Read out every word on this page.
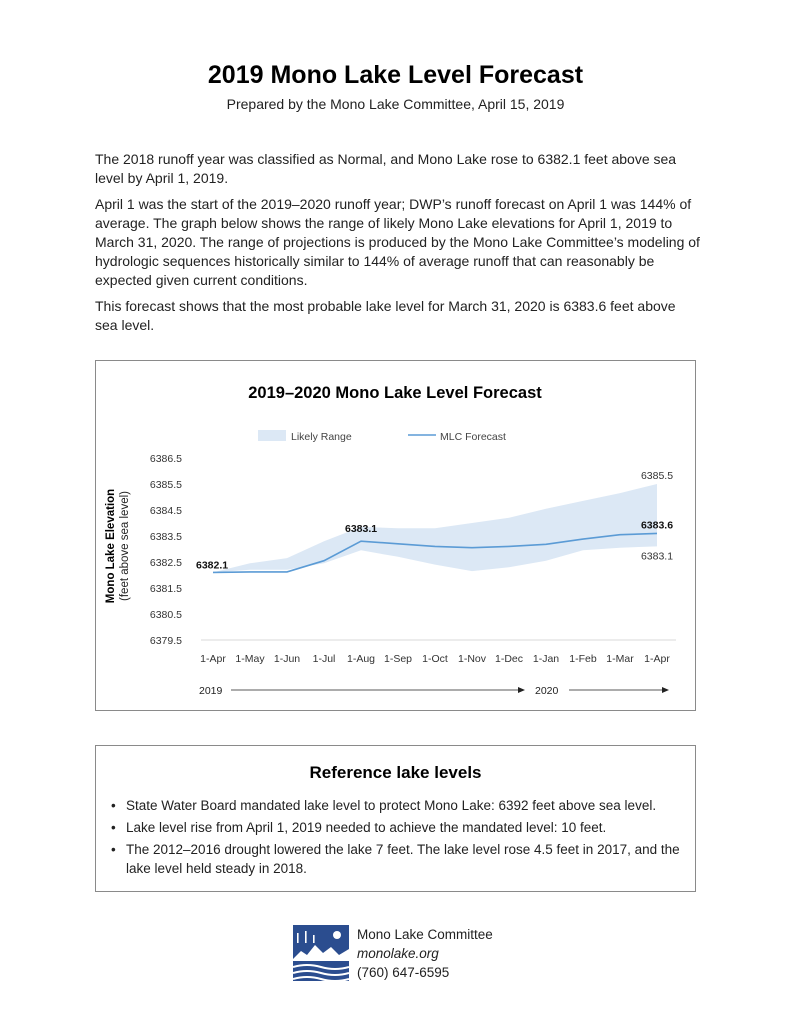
2019 Mono Lake Level Forecast
Prepared by the Mono Lake Committee, April 15, 2019
The 2018 runoff year was classified as Normal, and Mono Lake rose to 6382.1 feet above sea level by April 1, 2019.
April 1 was the start of the 2019–2020 runoff year; DWP’s runoff forecast on April 1 was 144% of average. The graph below shows the range of likely Mono Lake elevations for April 1, 2019 to March 31, 2020. The range of projections is produced by the Mono Lake Committee’s modeling of hydrologic sequences historically similar to 144% of average runoff that can reasonably be expected given current conditions.
This forecast shows that the most probable lake level for March 31, 2020 is 6383.6 feet above sea level.
2019–2020 Mono Lake Level Forecast
Likely Range	MLC Forecast
Mono Lake Elevation (feet above sea level)
6386.5
6385.5
6384.5
6383.5
6382.5
6381.5
6380.5
6379.5
1-Apr 1-May 1-Jun 1-Jul 1-Aug 1-Sep 1-Oct 1-Nov 1-Dec 1-Jan 1-Feb 1-Mar 1-Apr
6382.1
6383.1
6385.5
6383.6
6383.1
2019	2020
Reference lake levels
• State Water Board mandated lake level to protect Mono Lake: 6392 feet above sea level.
• Lake level rise from April 1, 2019 needed to achieve the mandated level: 10 feet.
• The 2012–2016 drought lowered the lake 7 feet. The lake level rose 4.5 feet in 2017, and the lake level held steady in 2018.
Mono Lake Committee
monolake.org
(760) 647-6595
